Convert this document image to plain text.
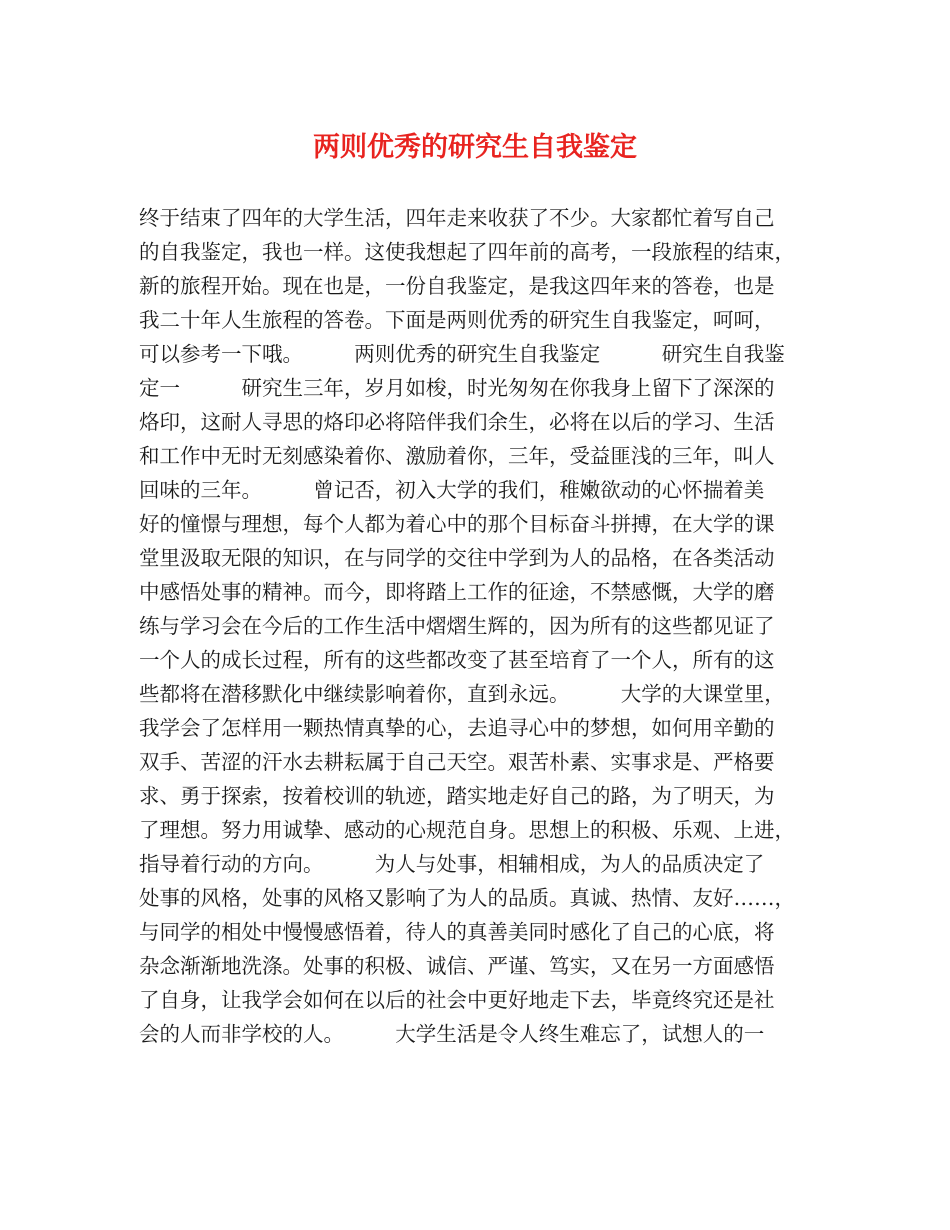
两则优秀的研究生自我鉴定
终于结束了四年的大学生活，四年走来收获了不少。大家都忙着写自己
的自我鉴定，我也一样。这使我想起了四年前的高考，一段旅程的结束，
新的旅程开始。现在也是，一份自我鉴定，是我这四年来的答卷，也是
我二十年人生旅程的答卷。下面是两则优秀的研究生自我鉴定，呵呵，
可以参考一下哦。　　　两则优秀的研究生自我鉴定　　　研究生自我鉴
定一　　　研究生三年，岁月如梭，时光匆匆在你我身上留下了深深的
烙印，这耐人寻思的烙印必将陪伴我们余生，必将在以后的学习、生活
和工作中无时无刻感染着你、激励着你，三年，受益匪浅的三年，叫人
回味的三年。　　　曾记否，初入大学的我们，稚嫩欲动的心怀揣着美
好的憧憬与理想，每个人都为着心中的那个目标奋斗拼搏，在大学的课
堂里汲取无限的知识，在与同学的交往中学到为人的品格，在各类活动
中感悟处事的精神。而今，即将踏上工作的征途，不禁感慨，大学的磨
练与学习会在今后的工作生活中熠熠生辉的，因为所有的这些都见证了
一个人的成长过程，所有的这些都改变了甚至培育了一个人，所有的这
些都将在潜移默化中继续影响着你，直到永远。　　　大学的大课堂里，
我学会了怎样用一颗热情真挚的心，去追寻心中的梦想，如何用辛勤的
双手、苦涩的汗水去耕耘属于自己天空。艰苦朴素、实事求是、严格要
求、勇于探索，按着校训的轨迹，踏实地走好自己的路，为了明天，为
了理想。努力用诚挚、感动的心规范自身。思想上的积极、乐观、上进，
指导着行动的方向。　　　为人与处事，相辅相成，为人的品质决定了
处事的风格，处事的风格又影响了为人的品质。真诚、热情、友好……，
与同学的相处中慢慢感悟着，待人的真善美同时感化了自己的心底，将
杂念渐渐地洗涤。处事的积极、诚信、严谨、笃实，又在另一方面感悟
了自身，让我学会如何在以后的社会中更好地走下去，毕竟终究还是社
会的人而非学校的人。　　　大学生活是令人终生难忘了，试想人的一
